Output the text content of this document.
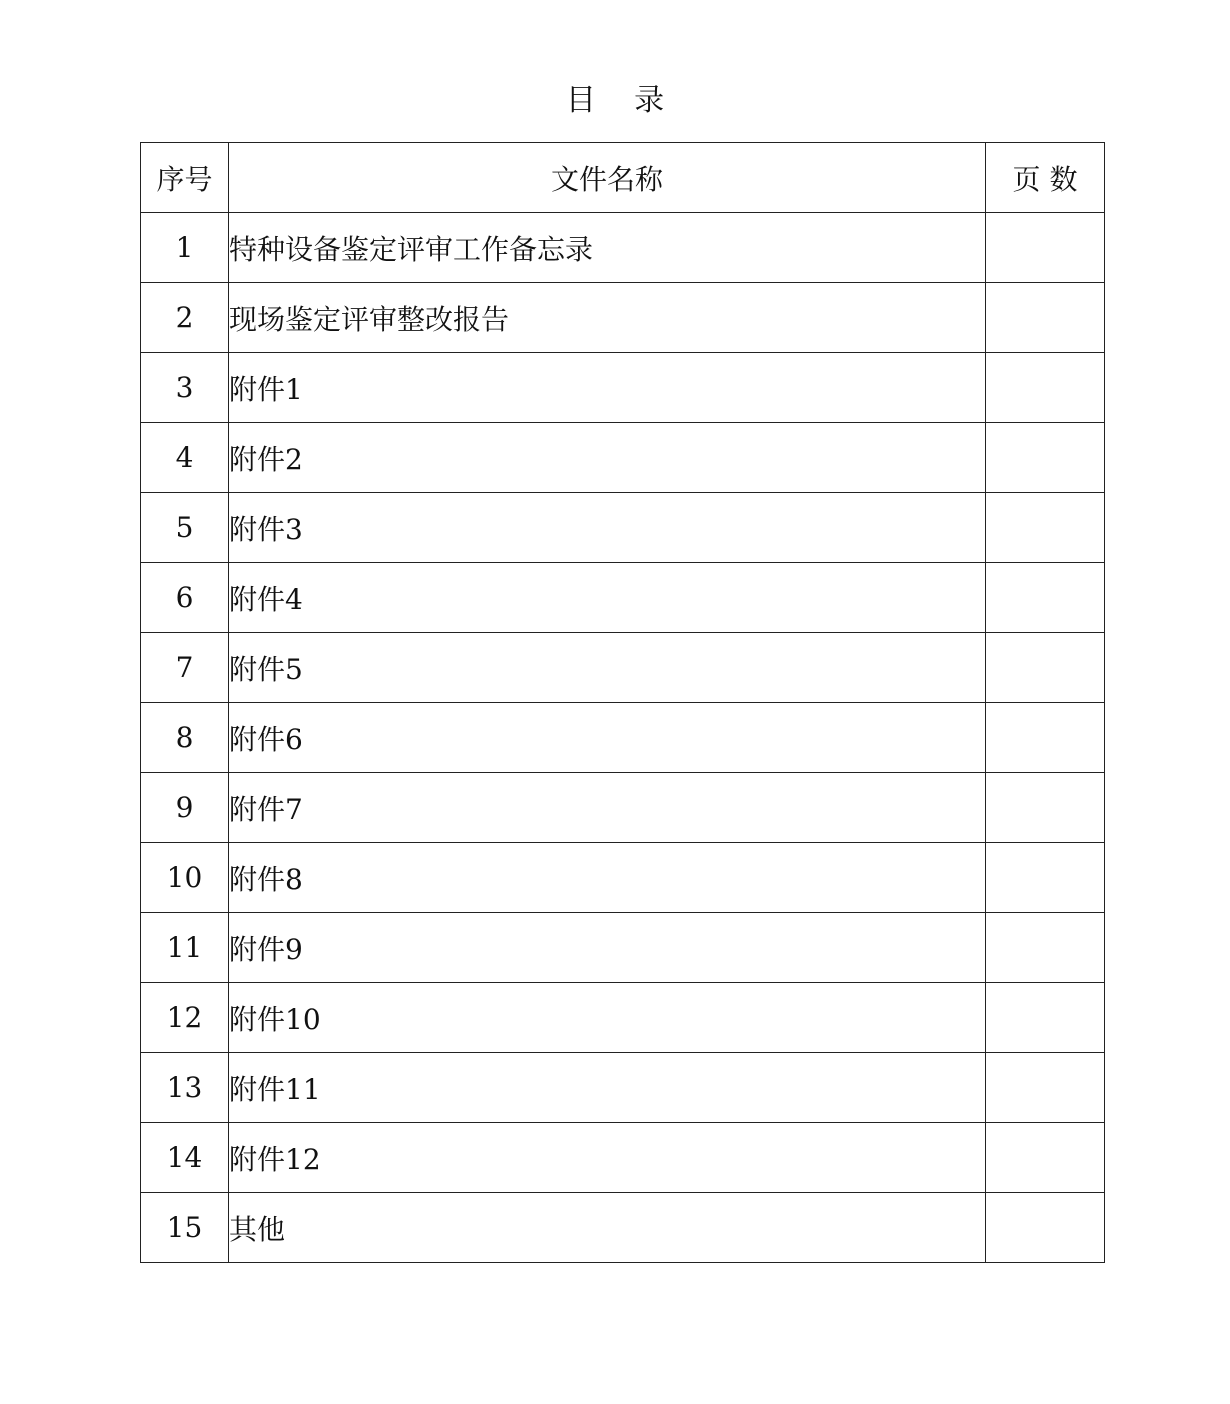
目    录
序号	文件名称	页 数
1	特种设备鉴定评审工作备忘录	
2	现场鉴定评审整改报告	
3	附件1	
4	附件2	
5	附件3	
6	附件4	
7	附件5	
8	附件6	
9	附件7	
10	附件8	
11	附件9	
12	附件10	
13	附件11	
14	附件12	
15	其他	
